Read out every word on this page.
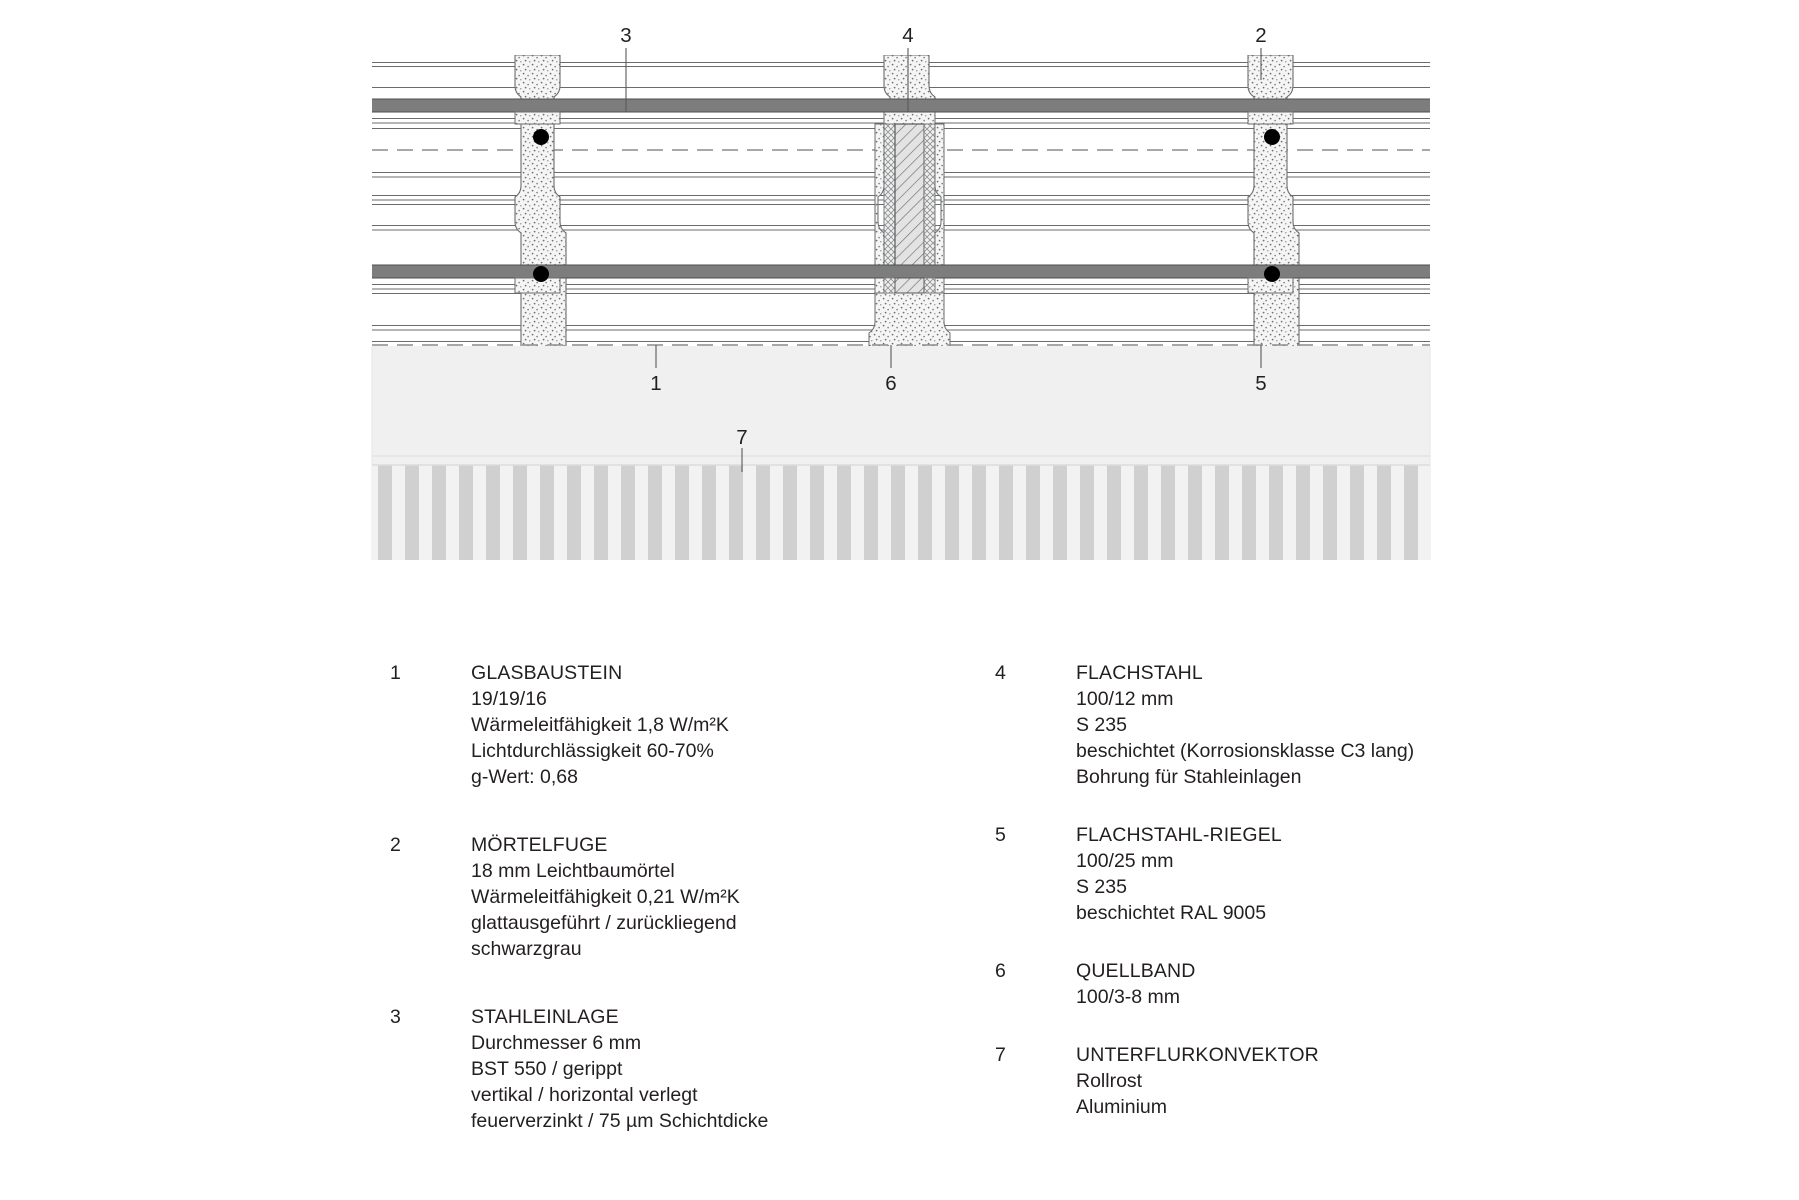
3	4	2
1	6	5
7
1	GLASBAUSTEIN
19/19/16
Wärmeleitfähigkeit 1,8 W/m²K
Lichtdurchlässigkeit 60-70%
g-Wert: 0,68
2	MÖRTELFUGE
18 mm Leichtbaumörtel
Wärmeleitfähigkeit 0,21 W/m²K
glattausgeführt / zurückliegend
schwarzgrau
3	STAHLEINLAGE
Durchmesser 6 mm
BST 550 / gerippt
vertikal / horizontal verlegt
feuerverzinkt / 75 µm Schichtdicke
4	FLACHSTAHL
100/12 mm
S 235
beschichtet (Korrosionsklasse C3 lang)
Bohrung für Stahleinlagen
5	FLACHSTAHL-RIEGEL
100/25 mm
S 235
beschichtet RAL 9005
6	QUELLBAND
100/3-8 mm
7	UNTERFLURKONVEKTOR
Rollrost
Aluminium
